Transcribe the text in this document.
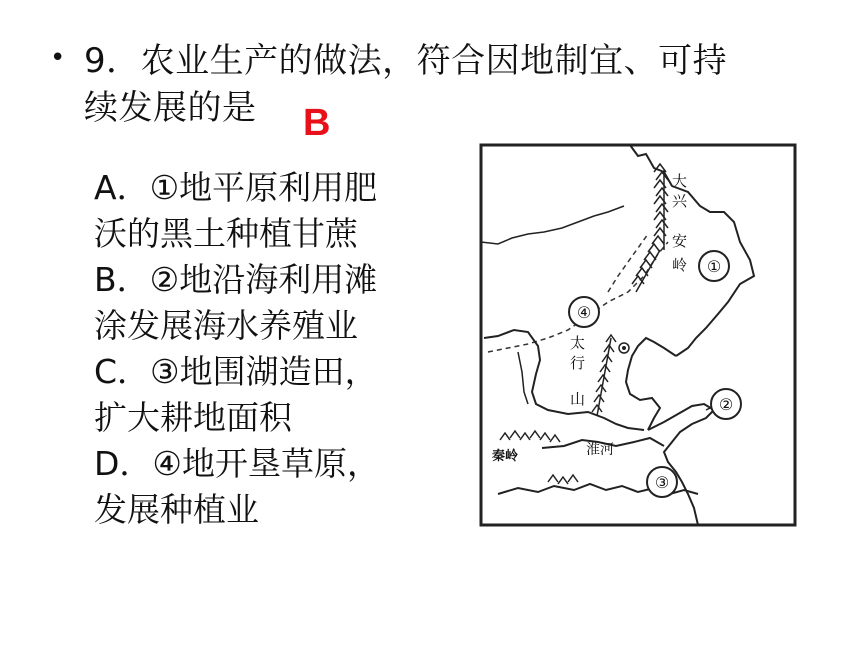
• 9．农业生产的做法，符合因地制宜、可持
续发展的是	B
A．①地平原利用肥
沃的黑土种植甘蔗
B．②地沿海利用滩
涂发展海水养殖业
C．③地围湖造田，
扩大耕地面积
D．④地开垦草原，
发展种植业
大
兴
安
岭
太
行
山
淮河
秦岭
①
②
③
④
